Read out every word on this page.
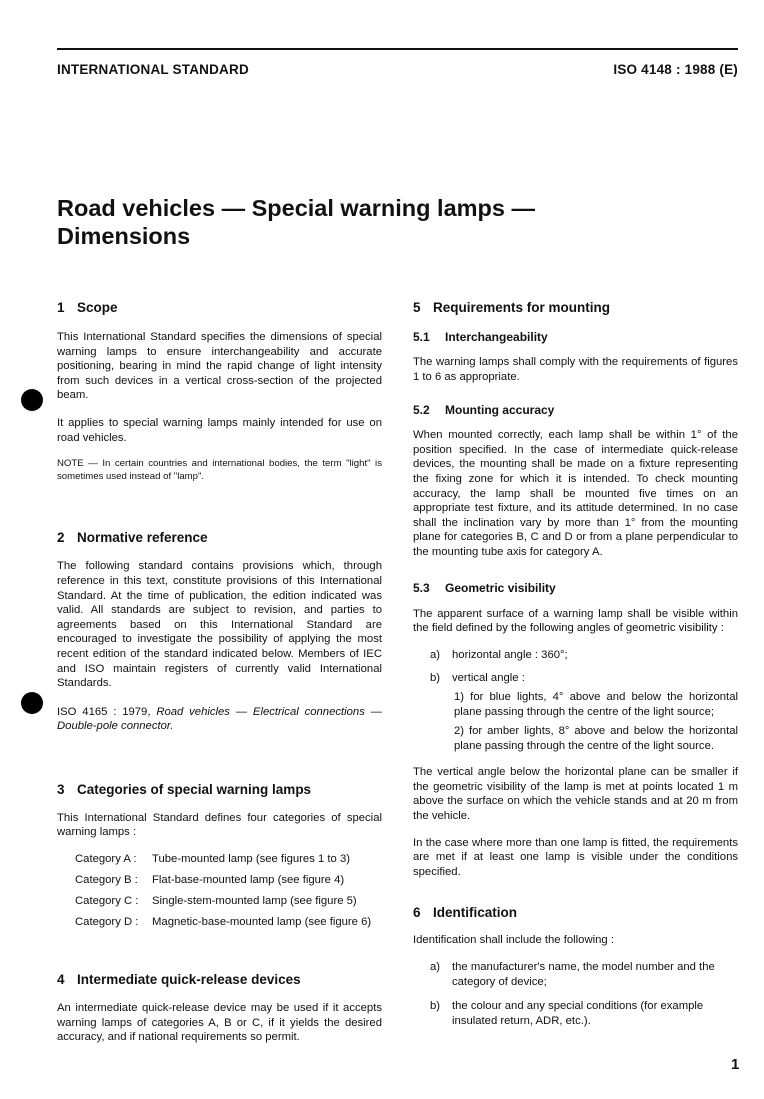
INTERNATIONAL STANDARD	ISO 4148 : 1988 (E)
Road vehicles — Special warning lamps —
Dimensions
1 Scope

This International Standard specifies the dimensions of special warning lamps to ensure interchangeability and accurate positioning, bearing in mind the rapid change of light intensity from such devices in a vertical cross-section of the projected beam.

It applies to special warning lamps mainly intended for use on road vehicles.

NOTE — In certain countries and international bodies, the term "light" is sometimes used instead of "lamp".

2 Normative reference

The following standard contains provisions which, through reference in this text, constitute provisions of this International Standard. At the time of publication, the edition indicated was valid. All standards are subject to revision, and parties to agreements based on this International Standard are encouraged to investigate the possibility of applying the most recent edition of the standard indicated below. Members of IEC and ISO maintain registers of currently valid International Standards.

ISO 4165 : 1979, Road vehicles — Electrical connections — Double-pole connector.

3 Categories of special warning lamps

This International Standard defines four categories of special warning lamps :

Category A :	Tube-mounted lamp (see figures 1 to 3)
Category B :	Flat-base-mounted lamp (see figure 4)
Category C :	Single-stem-mounted lamp (see figure 5)
Category D :	Magnetic-base-mounted lamp (see figure 6)
4 Intermediate quick-release devices

An intermediate quick-release device may be used if it accepts warning lamps of categories A, B or C, if it yields the desired accuracy, and if national requirements so permit.

5 Requirements for mounting
5.1 Interchangeability

The warning lamps shall comply with the requirements of figures 1 to 6 as appropriate.

5.2 Mounting accuracy

When mounted correctly, each lamp shall be within 1° of the position specified. In the case of intermediate quick-release devices, the mounting shall be made on a fixture representing the fixing zone for which it is intended. To check mounting accuracy, the lamp shall be mounted five times on an appropriate test fixture, and its attitude determined. In no case shall the inclination vary by more than 1° from the mounting plane for categories B, C and D or from a plane perpendicular to the mounting tube axis for category A.

5.3 Geometric visibility

The apparent surface of a warning lamp shall be visible within the field defined by the following angles of geometric visibility :

a)	horizontal angle : 360°;
b)	vertical angle :

1) for blue lights, 4° above and below the horizontal plane passing through the centre of the light source;

2) for amber lights, 8° above and below the horizontal plane passing through the centre of the light source.

The vertical angle below the horizontal plane can be smaller if the geometric visibility of the lamp is met at points located 1 m above the surface on which the vehicle stands and at 20 m from the vehicle.

In the case where more than one lamp is fitted, the requirements are met if at least one lamp is visible under the conditions specified.

6 Identification

Identification shall include the following :

a)	the manufacturer's name, the model number and the category of device;
b)	the colour and any special conditions (for example insulated return, ADR, etc.).
1
